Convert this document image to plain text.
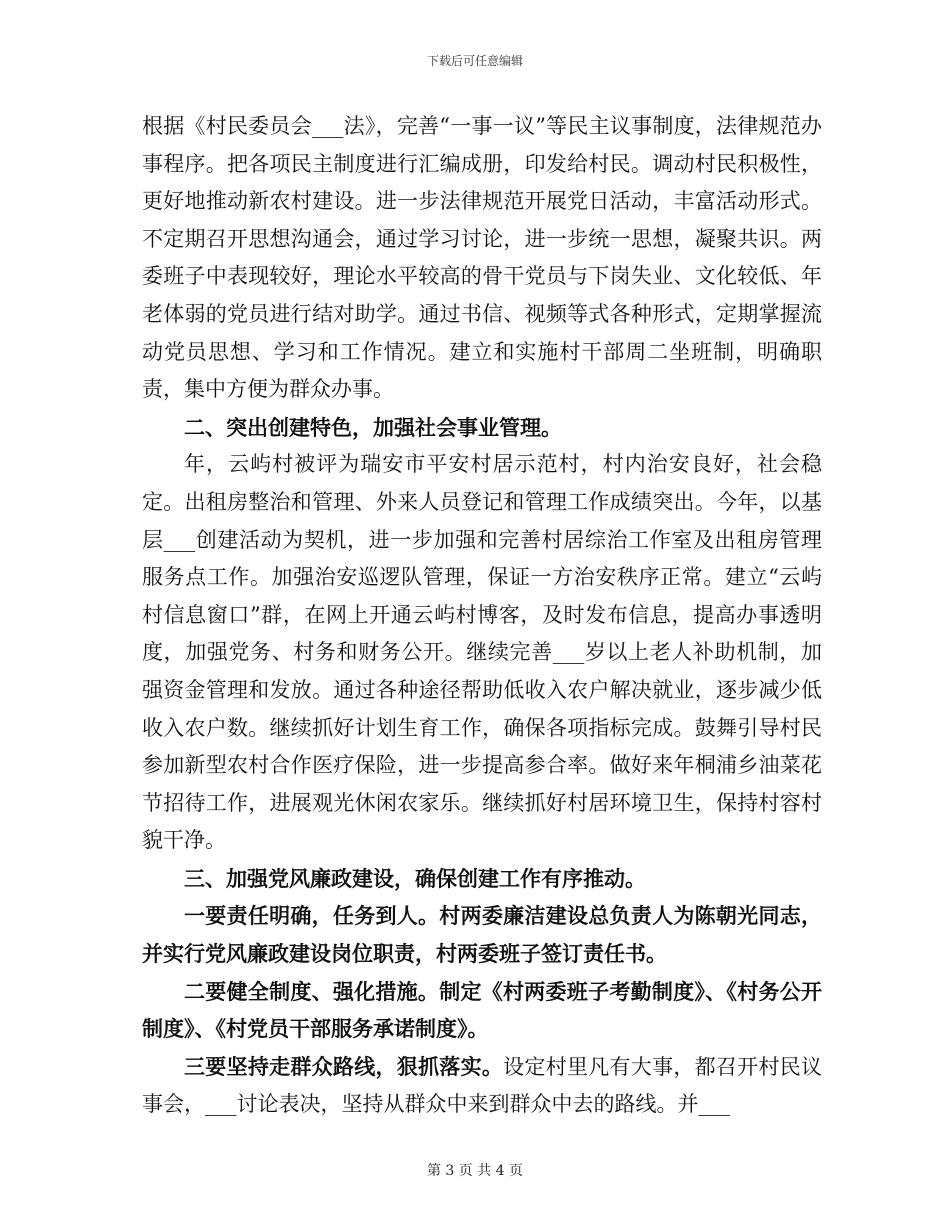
下载后可任意编辑

根据《村民委员会___法》，完善“一事一议”等民主议事制度，法律规范办事程序。把各项民主制度进行汇编成册，印发给村民。调动村民积极性，更好地推动新农村建设。进一步法律规范开展党日活动，丰富活动形式。不定期召开思想沟通会，通过学习讨论，进一步统一思想，凝聚共识。两委班子中表现较好，理论水平较高的骨干党员与下岗失业、文化较低、年老体弱的党员进行结对助学。通过书信、视频等式各种形式，定期掌握流动党员思想、学习和工作情况。建立和实施村干部周二坐班制，明确职责，集中方便为群众办事。

二、突出创建特色，加强社会事业管理。

年，云屿村被评为瑞安市平安村居示范村，村内治安良好，社会稳定。出租房整治和管理、外来人员登记和管理工作成绩突出。今年，以基层___创建活动为契机，进一步加强和完善村居综治工作室及出租房管理服务点工作。加强治安巡逻队管理，保证一方治安秩序正常。建立“云屿村信息窗口”群，在网上开通云屿村博客，及时发布信息，提高办事透明度，加强党务、村务和财务公开。继续完善___岁以上老人补助机制，加强资金管理和发放。通过各种途径帮助低收入农户解决就业，逐步减少低收入农户数。继续抓好计划生育工作，确保各项指标完成。鼓舞引导村民参加新型农村合作医疗保险，进一步提高参合率。做好来年桐浦乡油菜花节招待工作，进展观光休闲农家乐。继续抓好村居环境卫生，保持村容村貌干净。

三、加强党风廉政建设，确保创建工作有序推动。

一要责任明确，任务到人。村两委廉洁建设总负责人为陈朝光同志，并实行党风廉政建设岗位职责，村两委班子签订责任书。

二要健全制度、强化措施。制定《村两委班子考勤制度》、《村务公开制度》、《村党员干部服务承诺制度》。

三要坚持走群众路线，狠抓落实。设定村里凡有大事，都召开村民议事会，___讨论表决，坚持从群众中来到群众中去的路线。并___

第 3 页 共 4 页
